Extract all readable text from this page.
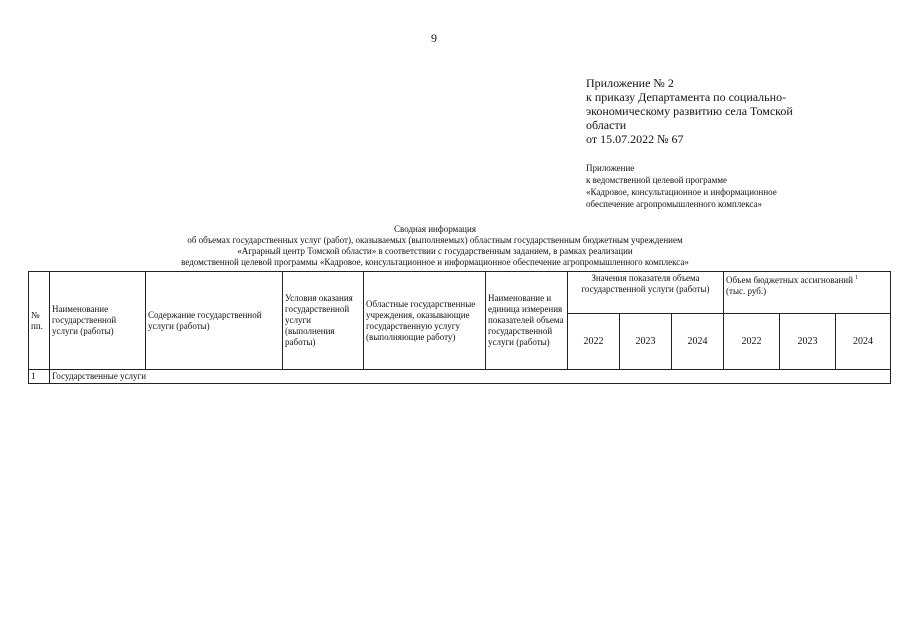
9
Приложение № 2
к приказу Департамента по социально-
экономическому развитию села Томской
области
от 15.07.2022 № 67
Приложение
к ведомственной целевой программе
«Кадровое, консультационное и информационное
обеспечение агропромышленного комплекса»
Сводная информация
об объемах государственных услуг (работ), оказываемых (выполняемых) областным государственным бюджетным учреждением
«Аграрный центр Томской области» в соответствии с государственным заданием, в рамках реализации
ведомственной целевой программы «Кадровое, консультационное и информационное обеспечение агропромышленного комплекса»
№ пп.	Наименование государственной услуги (работы)	Содержание государственной услуги (работы)	Условия оказания государственной услуги (выполнения работы)	Областные государственные учреждения, оказывающие государственную услугу (выполняющие работу)	Наименование и единица измерения показателей объема государственной услуги (работы)	Значения показателя объема государственной услуги (работы)			Объем бюджетных ассигнований $^1$
(тыс. руб.)		
						2022	2023	2024	2022	2023	2024
1	Государственные услуги										
